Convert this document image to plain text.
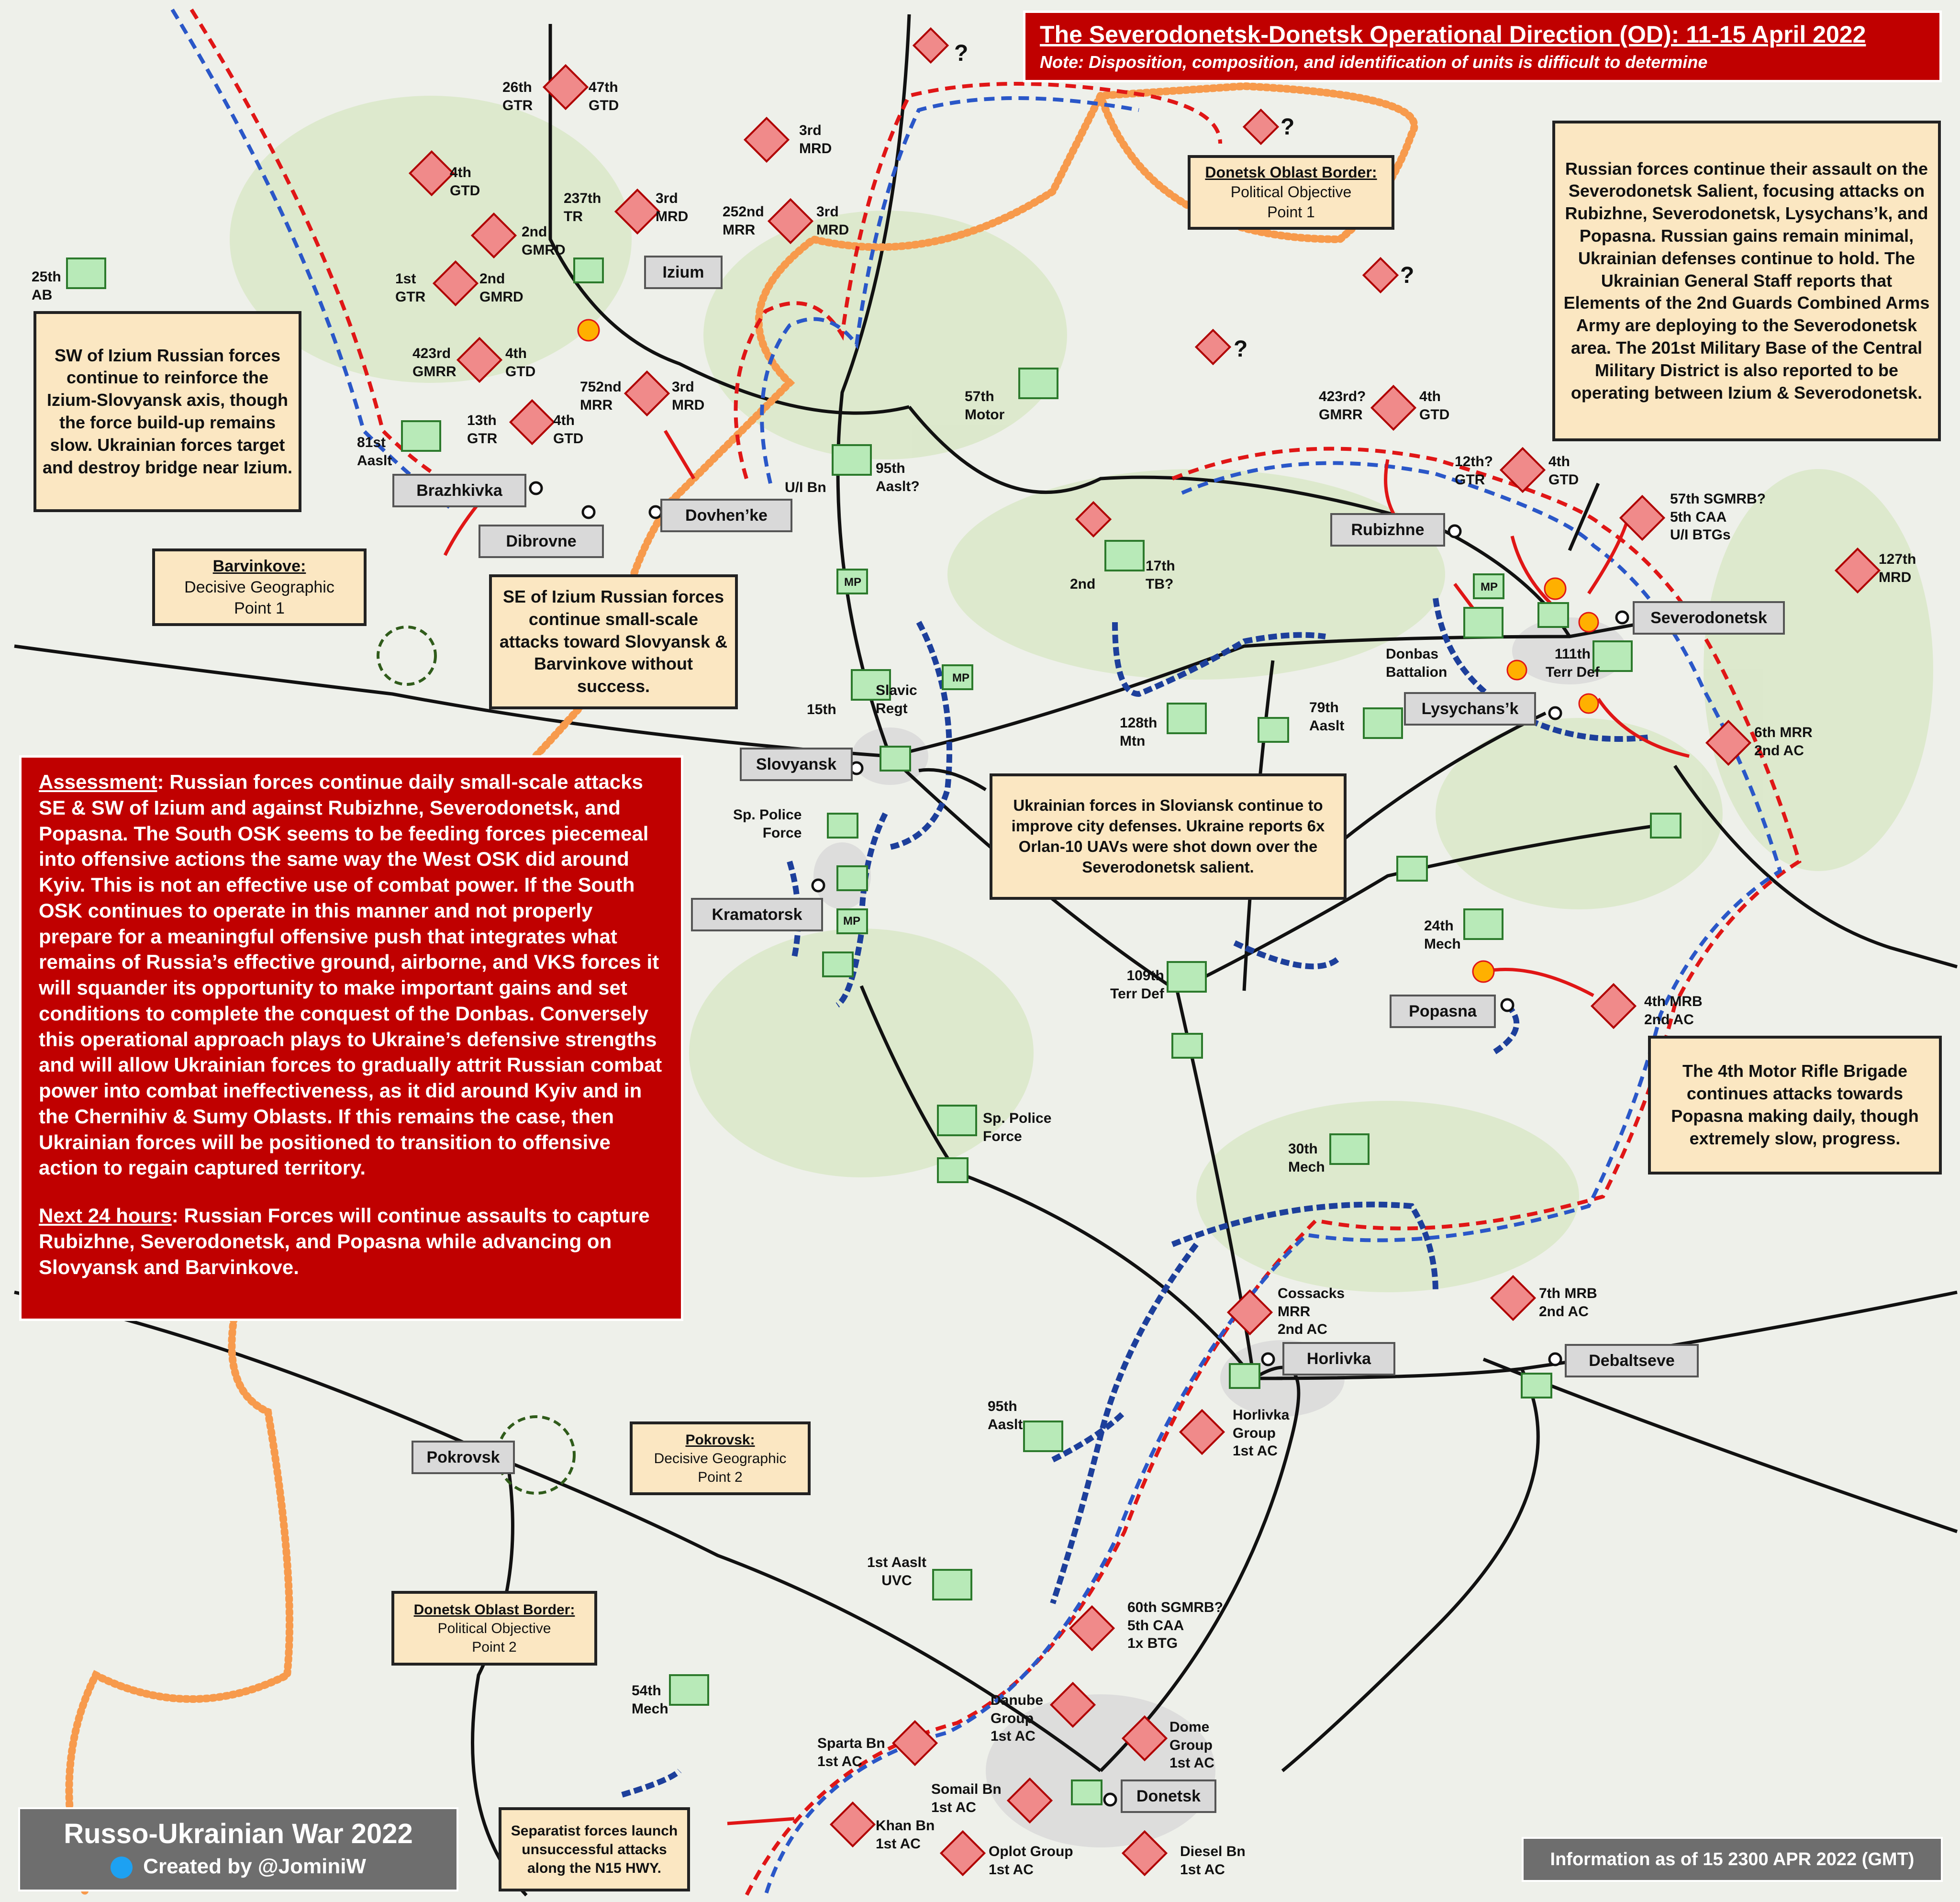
The Severodonetsk-Donetsk Operational Direction (OD): 11-15 April 2022
Note: Disposition, composition, and identification of units is difficult to determine
SW of Izium Russian forces continue to reinforce the Izium-Slovyansk axis, though the force build-up remains slow. Ukrainian forces target and destroy bridge near Izium.
SE of Izium Russian forces continue small-scale attacks toward Slovyansk & Barvinkove without success.
Russian forces continue their assault on the Severodonetsk Salient, focusing attacks on Rubizhne, Severodonetsk, Lysychans’k, and Popasna. Russian gains remain minimal, Ukrainian defenses continue to hold. The Ukrainian General Staff reports that Elements of the 2nd Guards Combined Arms Army are deploying to the Severodonetsk area. The 201st Military Base of the Central Military District is also reported to be operating between Izium & Severodonetsk.
Ukrainian forces in Sloviansk continue to improve city defenses. Ukraine reports 6x Orlan-10 UAVs were shot down over the Severodonetsk salient.
The 4th Motor Rifle Brigade continues attacks towards Popasna making daily, though extremely slow, progress.
Separatist forces launch unsuccessful attacks along the N15 HWY.
Donetsk Oblast Border:
Political Objective
Point 1
Barvinkove:
Decisive Geographic
Point 1
Pokrovsk:
Decisive Geographic
Point 2
Donetsk Oblast Border:
Political Objective
Point 2
Izium
Brazhkivka
Dibrovne
Dovhen’ke
Rubizhne
Severodonetsk
Lysychans’k
Slovyansk
Kramatorsk
Popasna
Horlivka	Debaltseve
Pokrovsk
Donetsk
26th
GTR
47th
GTD
3rd
MRD
4th
GTD
2nd
GMRD
237th
TR
3rd
MRD 252nd
MRR
3rd
MRD
1st
GTR
2nd
GMRD
423rd
GMRR
4th
GTD
752nd
MRR
3rd
MRD
13th
GTR
4th
GTD
423rd?
GMRR
4th
GTD
12th?
GTR
4th
GTD
57th SGMRB?
5th CAA
U/I BTGs
127th
MRD
6th MRR
2nd AC
4th MRB
2nd AC
7th MRB
2nd AC
Cossacks
MRR
2nd AC
Horlivka
Group
1st AC
60th SGMRB?
5th CAA
1x BTG
Danube
Group
1st AC
Dome
Group
1st AC
Sparta Bn
1st AC
Somail Bn
1st AC
Khan Bn
1st AC	Oplot Group
1st AC
Diesel Bn
1st AC
25th
AB
81st
Aaslt	95th
Aaslt?
U/I Bn
57th
Motor
17th
TB?
2nd
15th
Slavic
Regt
128th
Mtn
79th
Aaslt
Donbas
Battalion
111th
Terr Def
Sp. Police
Force
109th
Terr Def
24th
Mech
Sp. Police
Force
30th
Mech
95th
Aaslt
1st Aaslt
UVC
54th
Mech
MP
MP
MP
MP
?
?
?
?
Assessment: Russian forces continue daily small-scale attacks SE & SW of Izium and against Rubizhne, Severodonetsk, and Popasna. The South OSK seems to be feeding forces piecemeal into offensive actions the same way the West OSK did around Kyiv. This is not an effective use of combat power. If the South OSK continues to operate in this manner and not properly prepare for a meaningful offensive push that integrates what remains of Russia’s effective ground, airborne, and VKS forces it will squander its opportunity to make important gains and set conditions to complete the conquest of the Donbas. Conversely this operational approach plays to Ukraine’s defensive strengths and will allow Ukrainian forces to gradually attrit Russian combat power into combat ineffectiveness, as it did around Kyiv and in the Chernihiv & Sumy Oblasts. If this remains the case, then Ukrainian forces will be positioned to transition to offensive action to regain captured territory.
Next 24 hours: Russian Forces will continue assaults to capture Rubizhne, Severodonetsk, and Popasna while advancing on Slovyansk and Barvinkove.
Russo-Ukrainian War 2022
Created by @JominiW	Information as of 15 2300 APR 2022 (GMT)
